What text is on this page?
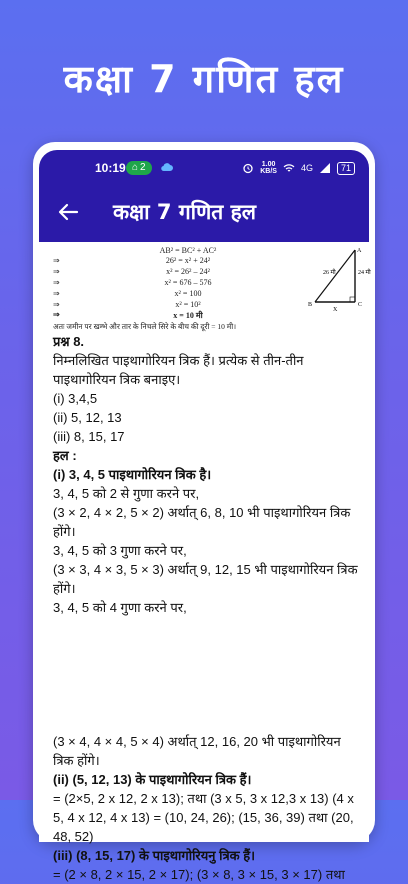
कक्षा 7 गणित हल
10:19 ⌂ 2	1.00
KB/S	4G	71
कक्षा 7 गणित हल
AB² = BC² + AC²
⇒	26² = x² + 24²
⇒	x² = 26² – 24²
⇒	x² = 676 – 576
⇒	x² = 100
⇒	x² = 10²
⇒	x = 10 मी
अतः जमीन पर खम्भे और तार के निचले सिरे के बीच की दूरी = 10 मी।
26 मी	24 मी
A
B	C
X

प्रश्न 8.

निम्नलिखित पाइथागोरियन त्रिक हैं। प्रत्येक से तीन-तीन पाइथागोरियन त्रिक बनाइए।

(i) 3,4,5

(ii) 5, 12, 13

(iii) 8, 15, 17

हल :

(i) 3, 4, 5 पाइथागोरियन त्रिक है।

3, 4, 5 को 2 से गुणा करने पर,

(3 × 2, 4 × 2, 5 × 2) अर्थात् 6, 8, 10 भी पाइथागोरियन त्रिक होंगे।

3, 4, 5 को 3 गुणा करने पर,

(3 × 3, 4 × 3, 5 × 3) अर्थात् 9, 12, 15 भी पाइथागोरियन त्रिक होंगे।

3, 4, 5 को 4 गुणा करने पर,

(3 × 4, 4 × 4, 5 × 4) अर्थात् 12, 16, 20 भी पाइथागोरियन त्रिक होंगे।

(ii) (5, 12, 13) के पाइथागोरियन त्रिक हैं।

= (2×5, 2 x 12, 2 x 13); तथा (3 x 5, 3 x 12,3 x 13) (4 x 5, 4 x 12, 4 x 13) = (10, 24, 26); (15, 36, 39) तथा (20, 48, 52)

(iii) (8, 15, 17) के पाइथागोरियनु त्रिक हैं।

= (2 × 8, 2 × 15, 2 × 17); (3 × 8, 3 × 15, 3 × 17) तथा
